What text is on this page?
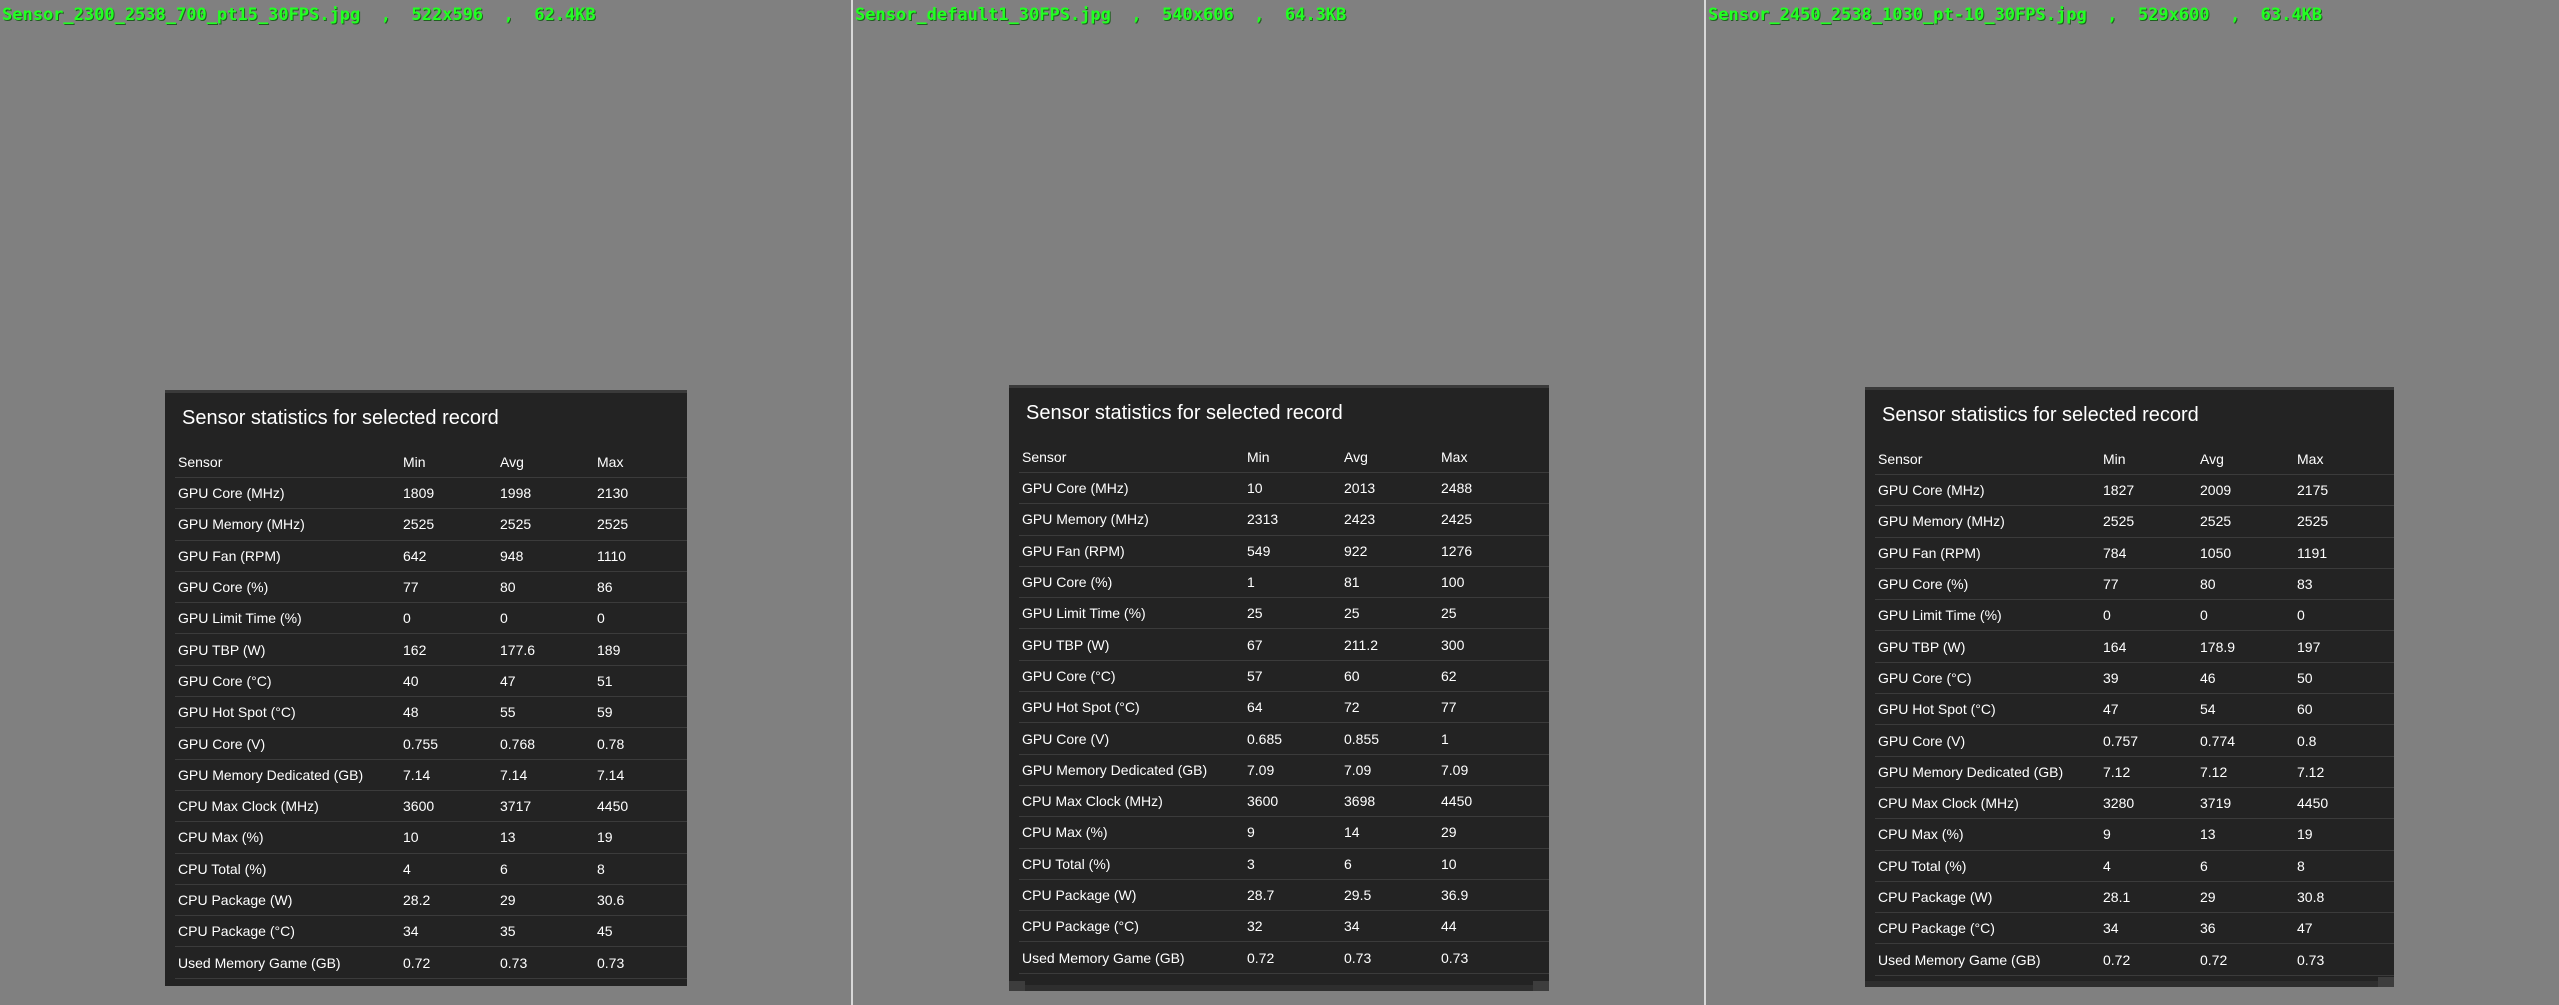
Sensor_2300_2538_700_pt15_30FPS.jpg  ,  522x596  ,  62.4KB
Sensor statistics for selected record
Sensor	Min	Avg	Max
GPU Core (MHz)	1809	1998	2130
GPU Memory (MHz)	2525	2525	2525
GPU Fan (RPM)	642	948	1110
GPU Core (%)	77	80	86
GPU Limit Time (%)	0	0	0
GPU TBP (W)	162	177.6	189
GPU Core (°C)	40	47	51
GPU Hot Spot (°C)	48	55	59
GPU Core (V)	0.755	0.768	0.78
GPU Memory Dedicated (GB)	7.14	7.14	7.14
CPU Max Clock (MHz)	3600	3717	4450
CPU Max (%)	10	13	19
CPU Total (%)	4	6	8
CPU Package (W)	28.2	29	30.6
CPU Package (°C)	34	35	45
Used Memory Game (GB)	0.72	0.73	0.73
Sensor_default1_30FPS.jpg  ,  540x606  ,  64.3KB
Sensor statistics for selected record
Sensor	Min	Avg	Max
GPU Core (MHz)	10	2013	2488
GPU Memory (MHz)	2313	2423	2425
GPU Fan (RPM)	549	922	1276
GPU Core (%)	1	81	100
GPU Limit Time (%)	25	25	25
GPU TBP (W)	67	211.2	300
GPU Core (°C)	57	60	62
GPU Hot Spot (°C)	64	72	77
GPU Core (V)	0.685	0.855	1
GPU Memory Dedicated (GB)	7.09	7.09	7.09
CPU Max Clock (MHz)	3600	3698	4450
CPU Max (%)	9	14	29
CPU Total (%)	3	6	10
CPU Package (W)	28.7	29.5	36.9
CPU Package (°C)	32	34	44
Used Memory Game (GB)	0.72	0.73	0.73
Sensor_2450_2538_1030_pt-10_30FPS.jpg  ,  529x600  ,  63.4KB
Sensor statistics for selected record
Sensor	Min	Avg	Max
GPU Core (MHz)	1827	2009	2175
GPU Memory (MHz)	2525	2525	2525
GPU Fan (RPM)	784	1050	1191
GPU Core (%)	77	80	83
GPU Limit Time (%)	0	0	0
GPU TBP (W)	164	178.9	197
GPU Core (°C)	39	46	50
GPU Hot Spot (°C)	47	54	60
GPU Core (V)	0.757	0.774	0.8
GPU Memory Dedicated (GB)	7.12	7.12	7.12
CPU Max Clock (MHz)	3280	3719	4450
CPU Max (%)	9	13	19
CPU Total (%)	4	6	8
CPU Package (W)	28.1	29	30.8
CPU Package (°C)	34	36	47
Used Memory Game (GB)	0.72	0.72	0.73
